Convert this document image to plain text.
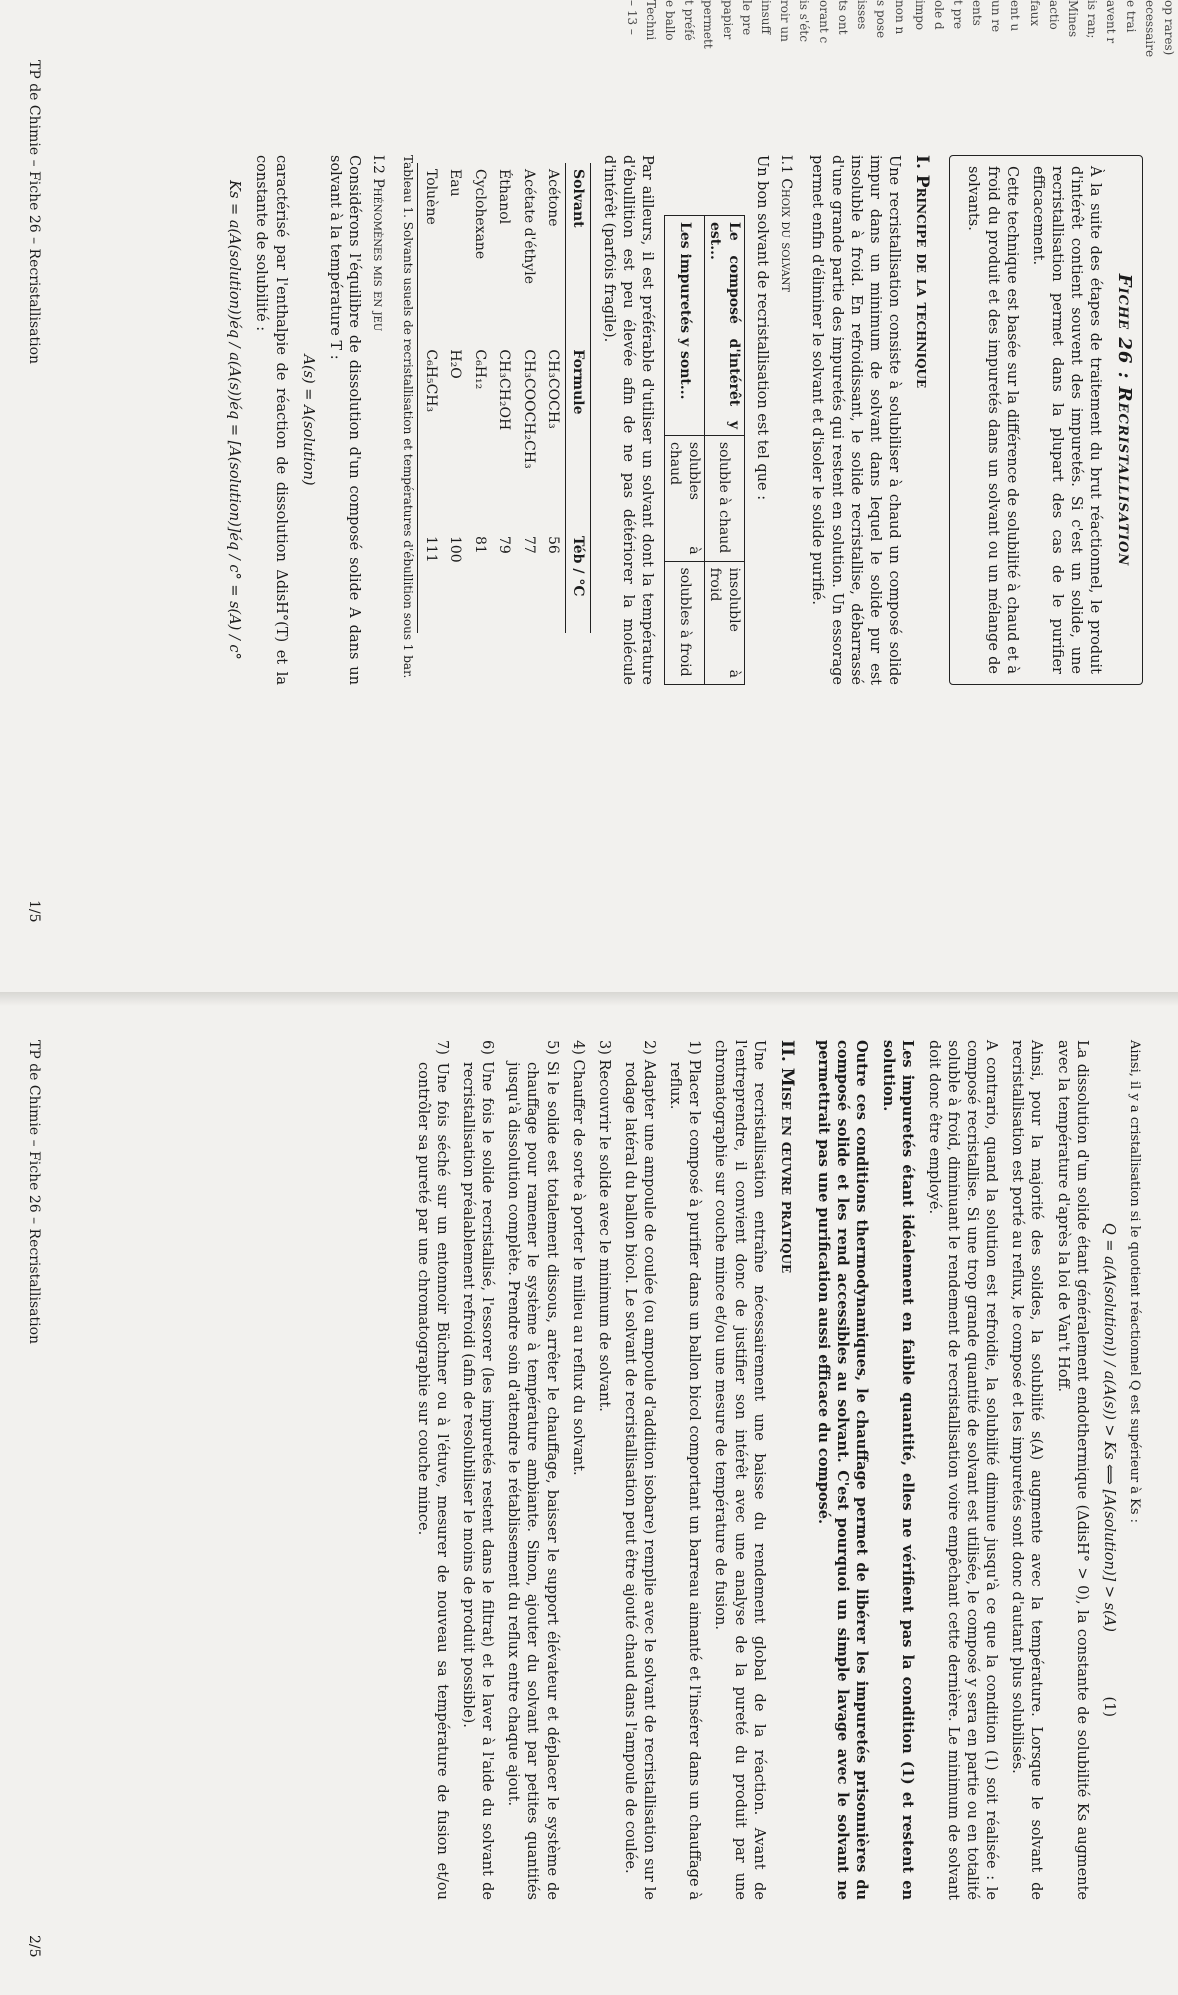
op rares)
ecessaire
e trai
avent r
is ran;
Mines
actio
faux
ent u
un re
ents
t pre
ole d
impo
non n
s pose
isses
ts ont
orant c
is s'étc
roir un
insuff
le pre
papier
permett
t préfé
e ballo
Techni
– 13 –
Fiche 26 : Recristallisation

À la suite des étapes de traitement du brut réactionnel, le produit d'intérêt contient souvent des impuretés. Si c'est un solide, une recristallisation permet dans la plupart des cas de le purifier efficacement.

Cette technique est basée sur la différence de solubilité à chaud et à froid du produit et des impuretés dans un solvant ou un mélange de solvants.

I. Principe de la technique

Une recristallisation consiste à solubiliser à chaud un composé solide impur dans un minimum de solvant dans lequel le solide pur est insoluble à froid. En refroidissant, le solide recristallise, débarrassé d'une grande partie des impuretés qui restent en solution. Un essorage permet enfin d'éliminer le solvant et d'isoler le solide purifié.

I.1 Choix du solvant

Un bon solvant de recristallisation est tel que :

Le composé d'intérêt y est...	soluble à chaud	insoluble à froid
Les impuretés y sont...	solubles à chaud	solubles à froid

Par ailleurs, il est préférable d'utiliser un solvant dont la température d'ébullition est peu élevée afin de ne pas détériorer la molécule d'intérêt (parfois fragile).

Solvant	Formule	Téb / °C
Acétone	CH₃COCH₃	56
Acétate d'éthyle	CH₃COOCH₂CH₃	77
Éthanol	CH₃CH₂OH	79
Cyclohexane	C₆H₁₂	81
Eau	H₂O	100
Toluène	C₆H₅CH₃	111
Tableau 1. Solvants usuels de recristallisation et températures d'ébullition sous 1 bar.
I.2 Phénomènes mis en jeu

Considérons l'équilibre de dissolution d'un composé solide A dans un solvant à la température T :

A(s) = A(solution)

caractérisé par l'enthalpie de réaction de dissolution ΔdisH°(T) et la constante de solubilité :

Ks = a(A(solution))éq / a(A(s))éq = [A(solution)]éq / c° = s(A) / c°
TP de Chimie – Fiche 26 – Recristallisation
1/5

Ainsi, il y a cristallisation si le quotient réactionnel Q est supérieur à Ks :

Q = a(A(solution)) / a(A(s)) > Ks ⟺ [A(solution)] > s(A) (1)

La dissolution d'un solide étant généralement endothermique (ΔdisH° > 0), la constante de solubilité Ks augmente avec la température d'après la loi de Van't Hoff.

Ainsi, pour la majorité des solides, la solubilité s(A) augmente avec la température. Lorsque le solvant de recristallisation est porté au reflux, le composé et les impuretés sont donc d'autant plus solubilisés.

A contrario, quand la solution est refroidie, la solubilité diminue jusqu'à ce que la condition (1) soit réalisée : le composé recristallise. Si une trop grande quantité de solvant est utilisée, le composé y sera en partie ou en totalité soluble à froid, diminuant le rendement de recristallisation voire empêchant cette dernière. Le minimum de solvant doit donc être employé.

Les impuretés étant idéalement en faible quantité, elles ne vérifient pas la condition (1) et restent en solution.

Outre ces conditions thermodynamiques, le chauffage permet de libérer les impuretés prisonnières du composé solide et les rend accessibles au solvant. C'est pourquoi un simple lavage avec le solvant ne permettrait pas une purification aussi efficace du composé.

II. Mise en œuvre pratique

Une recristallisation entraîne nécessairement une baisse du rendement global de la réaction. Avant de l'entreprendre, il convient donc de justifier son intérêt avec une analyse de la pureté du produit par une chromatographie sur couche mince et/ou une mesure de température de fusion.

1) Placer le composé à purifier dans un ballon bicol comportant un barreau aimanté et l'insérer dans un chauffage à reflux.

2) Adapter une ampoule de coulée (ou ampoule d'addition isobare) remplie avec le solvant de recristallisation sur le rodage latéral du ballon bicol. Le solvant de recristallisation peut être ajouté chaud dans l'ampoule de coulée.

3) Recouvrir le solide avec le minimum de solvant.

4) Chauffer de sorte à porter le milieu au reflux du solvant.

5) Si le solide est totalement dissous, arrêter le chauffage, baisser le support élévateur et déplacer le système de chauffage pour ramener le système à température ambiante. Sinon, ajouter du solvant par petites quantités jusqu'à dissolution complète. Prendre soin d'attendre le rétablissement du reflux entre chaque ajout.

6) Une fois le solide recristallisé, l'essorer (les impuretés restent dans le filtrat) et le laver à l'aide du solvant de recristallisation préalablement refroidi (afin de resolubiliser le moins de produit possible).

7) Une fois séché sur un entonnoir Büchner ou à l'étuve, mesurer de nouveau sa température de fusion et/ou contrôler sa pureté par une chromatographie sur couche mince.

TP de Chimie – Fiche 26 – Recristallisation
2/5
